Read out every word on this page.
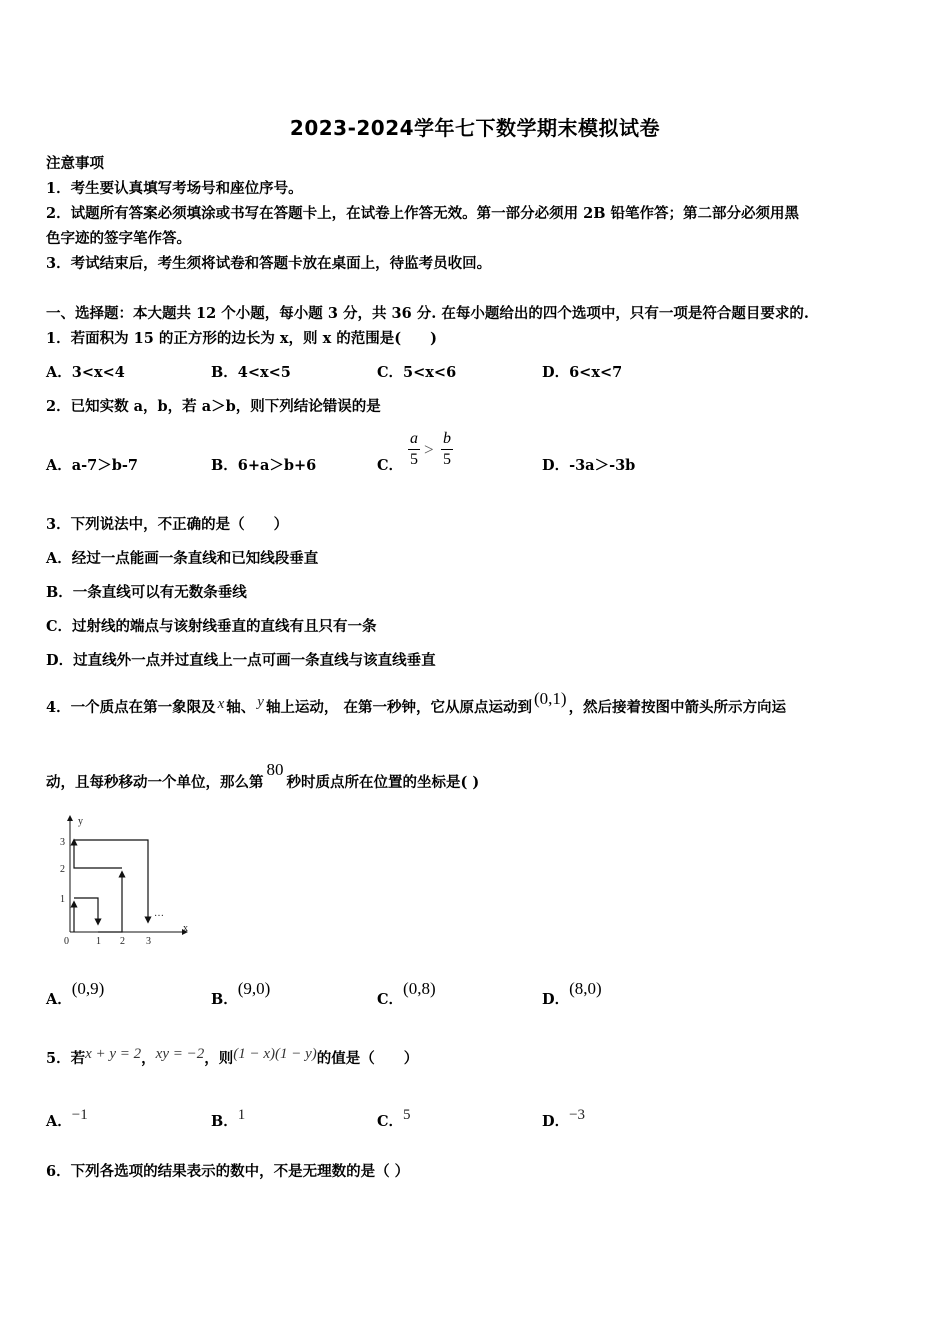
2023-2024学年七下数学期末模拟试卷
注意事项
1．考生要认真填写考场号和座位序号。
2．试题所有答案必须填涂或书写在答题卡上，在试卷上作答无效。第一部分必须用 2B 铅笔作答；第二部分必须用黑
色字迹的签字笔作答。
3．考试结束后，考生须将试卷和答题卡放在桌面上，待监考员收回。
一、选择题：本大题共 12 个小题，每小题 3 分，共 36 分. 在每小题给出的四个选项中，只有一项是符合题目要求的.
1．若面积为 15 的正方形的边长为 x，则 x 的范围是(　　)
A．3<x<4	B．4<x<5	C．5<x<6	D．6<x<7
2．已知实数 a，b，若 a＞b，则下列结论错误的是
A．a-7＞b-7	B．6+a＞b+6	C．
a
5
>
b
5	D．-3a＞-3b
3．下列说法中，不正确的是（　　）
A．经过一点能画一条直线和已知线段垂直
B．一条直线可以有无数条垂线
C．过射线的端点与该射线垂直的直线有且只有一条
D．过直线外一点并过直线上一点可画一条直线与该直线垂直
4．一个质点在第一象限及 x 轴、 y 轴上运动， 在第一秒钟，它从原点运动到 (0,1) ，然后接着按图中箭头所示方向运
动，且每秒移动一个单位，那么第80秒时质点所在位置的坐标是( )
y
x
3
2
1
0	1 2 3
…
A．(0,9)
B．(9,0)
C．(0,8)
D．(8,0)
5．若x + y = 2，xy = −2，则(1 − x)(1 − y)的值是（　　）
A．−1	B．1	C．5	D．−3
6．下列各选项的结果表示的数中，不是无理数的是（ ）
